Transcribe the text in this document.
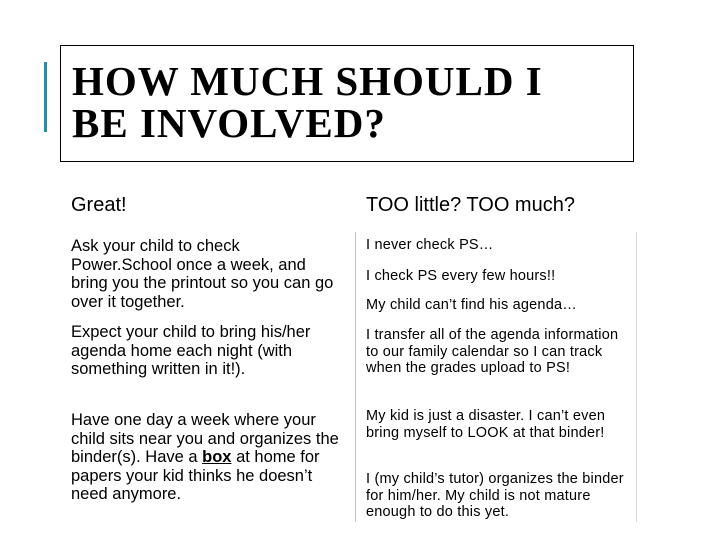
HOW MUCH SHOULD I
BE INVOLVED?
Great!	TOO little? TOO much?
Ask your child to check Power.School once a week, and bring you the printout so you can go over it together.
Expect your child to bring his/her agenda home each night (with something written in it!).
Have one day a week where your child sits near you and organizes the binder(s). Have a box at home for papers your kid thinks he doesn’t need anymore.
I never check PS…
I check PS every few hours!!
My child can’t find his agenda…
I transfer all of the agenda information to our family calendar so I can track when the grades upload to PS!
My kid is just a disaster. I can’t even bring myself to LOOK at that binder!
I (my child’s tutor) organizes the binder for him/her. My child is not mature enough to do this yet.
